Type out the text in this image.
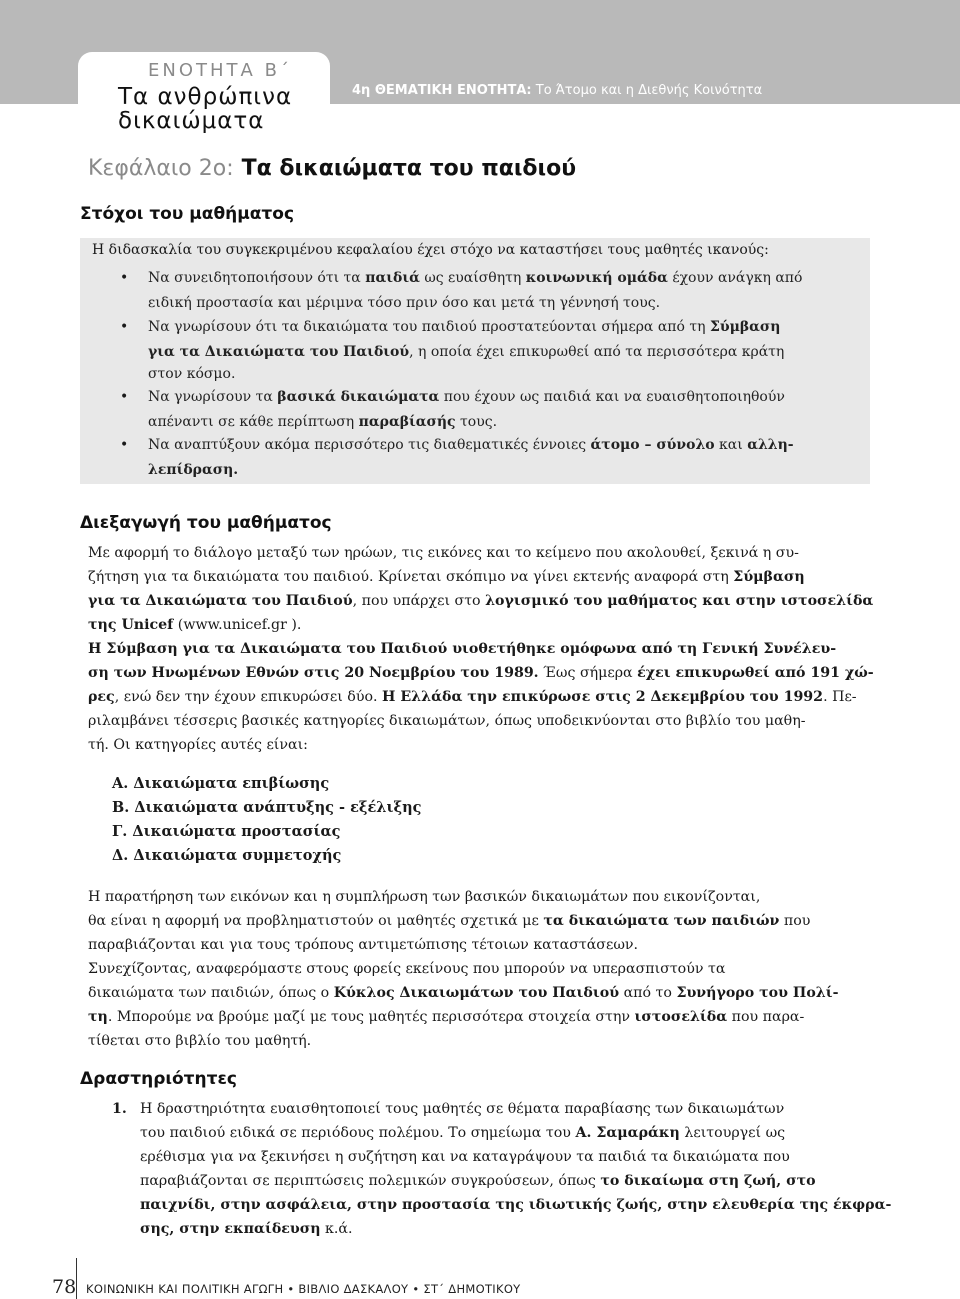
ΕΝΟΤΗΤΑ Β΄
Τα ανθρώπινα
δικαιώματα
4η ΘΕΜΑΤΙΚΗ ΕΝΟΤΗΤΑ: Το Άτομο και η Διεθνής Κοινότητα
Κεφάλαιο 2ο: Τα δικαιώματα του παιδιού
Στόχοι του μαθήματος
Η διδασκαλία του συγκεκριμένου κεφαλαίου έχει στόχο να καταστήσει τους μαθητές ικανούς:
• Να συνειδητοποιήσουν ότι τα παιδιά ως ευαίσθητη κοινωνική ομάδα έχουν ανάγκη από
ειδική προστασία και μέριμνα τόσο πριν όσο και μετά τη γέννησή τους.
• Να γνωρίσουν ότι τα δικαιώματα του παιδιού προστατεύονται σήμερα από τη Σύμβαση
για τα Δικαιώματα του Παιδιού, η οποία έχει επικυρωθεί από τα περισσότερα κράτη
στον κόσμο.
• Να γνωρίσουν τα βασικά δικαιώματα που έχουν ως παιδιά και να ευαισθητοποιηθούν
απέναντι σε κάθε περίπτωση παραβίασής τους.
• Να αναπτύξουν ακόμα περισσότερο τις διαθεματικές έννοιες άτομο – σύνολο και αλλη-
λεπίδραση.
Διεξαγωγή του μαθήματος
Με αφορμή το διάλογο μεταξύ των ηρώων, τις εικόνες και το κείμενο που ακολουθεί, ξεκινά η συ-
ζήτηση για τα δικαιώματα του παιδιού. Κρίνεται σκόπιμο να γίνει εκτενής αναφορά στη Σύμβαση
για τα Δικαιώματα του Παιδιού, που υπάρχει στο λογισμικό του μαθήματος και στην ιστοσελίδα
της Unicef (www.unicef.gr ).
Η Σύμβαση για τα Δικαιώματα του Παιδιού υιοθετήθηκε ομόφωνα από τη Γενική Συνέλευ-
ση των Ηνωμένων Εθνών στις 20 Νοεμβρίου του 1989. Έως σήμερα έχει επικυρωθεί από 191 χώ-
ρες, ενώ δεν την έχουν επικυρώσει δύο. Η Ελλάδα την επικύρωσε στις 2 Δεκεμβρίου του 1992. Πε-
ριλαμβάνει τέσσερις βασικές κατηγορίες δικαιωμάτων, όπως υποδεικνύονται στο βιβλίο του μαθη-
τή. Οι κατηγορίες αυτές είναι:
Α. Δικαιώματα επιβίωσης
Β. Δικαιώματα ανάπτυξης - εξέλιξης
Γ. Δικαιώματα προστασίας
Δ. Δικαιώματα συμμετοχής
Η παρατήρηση των εικόνων και η συμπλήρωση των βασικών δικαιωμάτων που εικονίζονται,
θα είναι η αφορμή να προβληματιστούν οι μαθητές σχετικά με τα δικαιώματα των παιδιών που
παραβιάζονται και για τους τρόπους αντιμετώπισης τέτοιων καταστάσεων.
Συνεχίζοντας, αναφερόμαστε στους φορείς εκείνους που μπορούν να υπερασπιστούν τα
δικαιώματα των παιδιών, όπως ο Κύκλος Δικαιωμάτων του Παιδιού από το Συνήγορο του Πολί-
τη. Μπορούμε να βρούμε μαζί με τους μαθητές περισσότερα στοιχεία στην ιστοσελίδα που παρα-
τίθεται στο βιβλίο του μαθητή.
Δραστηριότητες
1. Η δραστηριότητα ευαισθητοποιεί τους μαθητές σε θέματα παραβίασης των δικαιωμάτων
του παιδιού ειδικά σε περιόδους πολέμου. Το σημείωμα του Α. Σαμαράκη λειτουργεί ως
ερέθισμα για να ξεκινήσει η συζήτηση και να καταγράψουν τα παιδιά τα δικαιώματα που
παραβιάζονται σε περιπτώσεις πολεμικών συγκρούσεων, όπως το δικαίωμα στη ζωή, στο
παιχνίδι, στην ασφάλεια, στην προστασία της ιδιωτικής ζωής, στην ελευθερία της έκφρα-
σης, στην εκπαίδευση κ.ά.
78 ΚΟΙΝΩΝΙΚΗ ΚΑΙ ΠΟΛΙΤΙΚΗ ΑΓΩΓΗ • ΒΙΒΛΙΟ ΔΑΣΚΑΛΟΥ • ΣΤ΄ ΔΗΜΟΤΙΚΟΥ
